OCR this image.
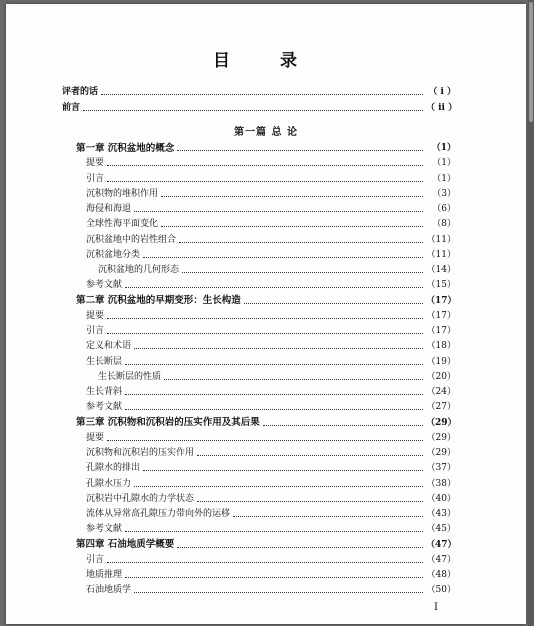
目 录
评者的话	（ i ）
前言	（ ii ）
第一篇 总 论
第一章 沉积盆地的概念	（1）
提要	（1）
引言	（1）
沉积物的堆积作用	（3）
海侵和海退	（6）
全球性海平面变化	（8）
沉积盆地中的岩性组合	（11）
沉积盆地分类	（11）
沉积盆地的几何形态	（14）
参考文献	（15）
第二章 沉积盆地的早期变形：生长构造	（17）
提要	（17）
引言	（17）
定义和术语	（18）
生长断层	（19）
生长断层的性质	（20）
生长背斜	（24）
参考文献	（27）
第三章 沉积物和沉积岩的压实作用及其后果	（29）
提要	（29）
沉积物和沉积岩的压实作用	（29）
孔隙水的排出	（37）
孔隙水压力	（38）
沉积岩中孔隙水的力学状态	（40）
流体从异常高孔隙压力带向外的运移	（43）
参考文献	（45）
第四章 石油地质学概要	（47）
引言	（47）
地质推理	（48）
石油地质学	（50）
I
